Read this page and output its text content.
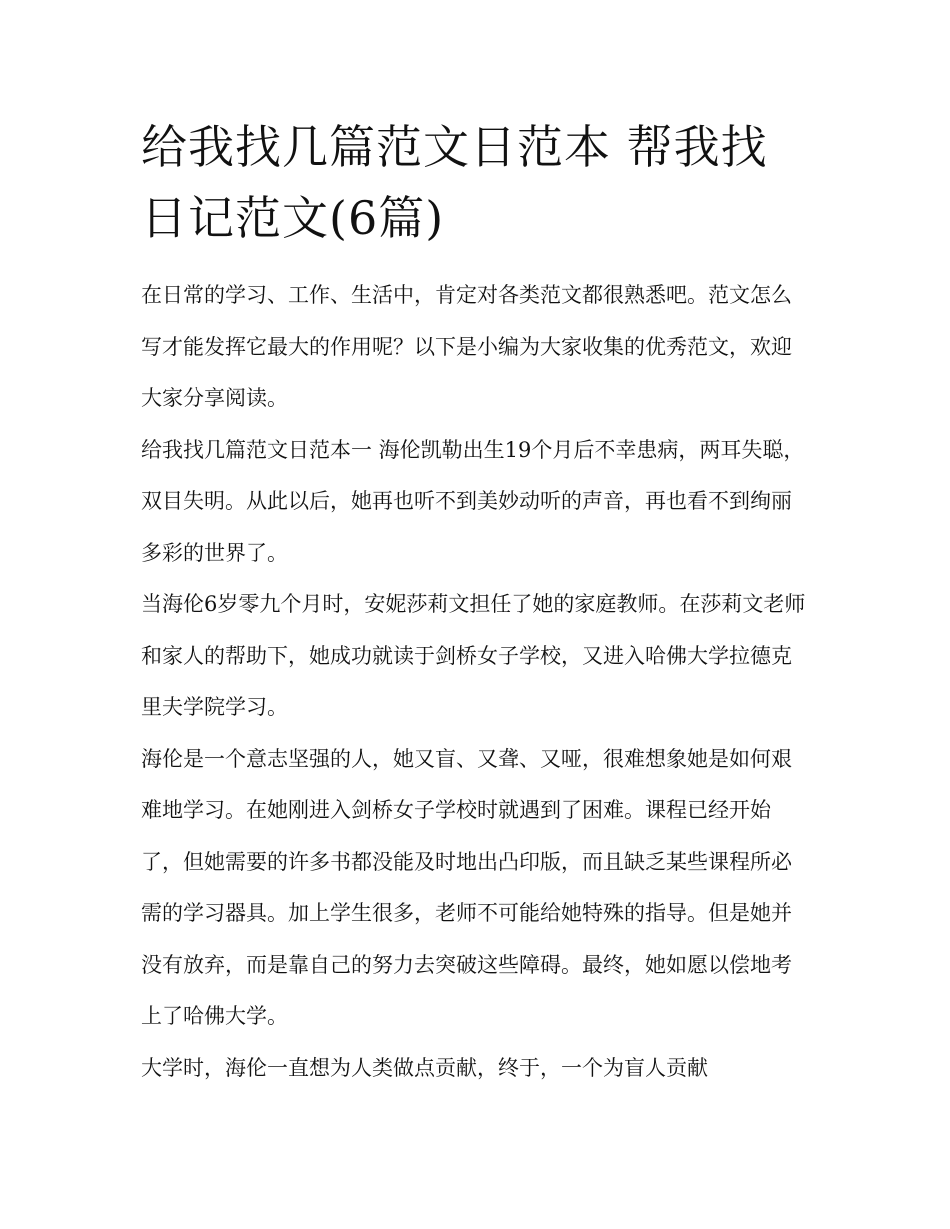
给我找几篇范文日范本 帮我找日记范文(6篇)

在日常的学习、工作、生活中，肯定对各类范文都很熟悉吧。范文怎么写才能发挥它最大的作用呢？以下是小编为大家收集的优秀范文，欢迎大家分享阅读。

给我找几篇范文日范本一 海伦凯勒出生19个月后不幸患病，两耳失聪，双目失明。从此以后，她再也听不到美妙动听的声音，再也看不到绚丽多彩的世界了。

当海伦6岁零九个月时，安妮莎莉文担任了她的家庭教师。在莎莉文老师和家人的帮助下，她成功就读于剑桥女子学校，又进入哈佛大学拉德克里夫学院学习。

海伦是一个意志坚强的人，她又盲、又聋、又哑，很难想象她是如何艰难地学习。在她刚进入剑桥女子学校时就遇到了困难。课程已经开始了，但她需要的许多书都没能及时地出凸印版，而且缺乏某些课程所必需的学习器具。加上学生很多，老师不可能给她特殊的指导。但是她并没有放弃，而是靠自己的努力去突破这些障碍。最终，她如愿以偿地考上了哈佛大学。

大学时，海伦一直想为人类做点贡献，终于，一个为盲人贡献
